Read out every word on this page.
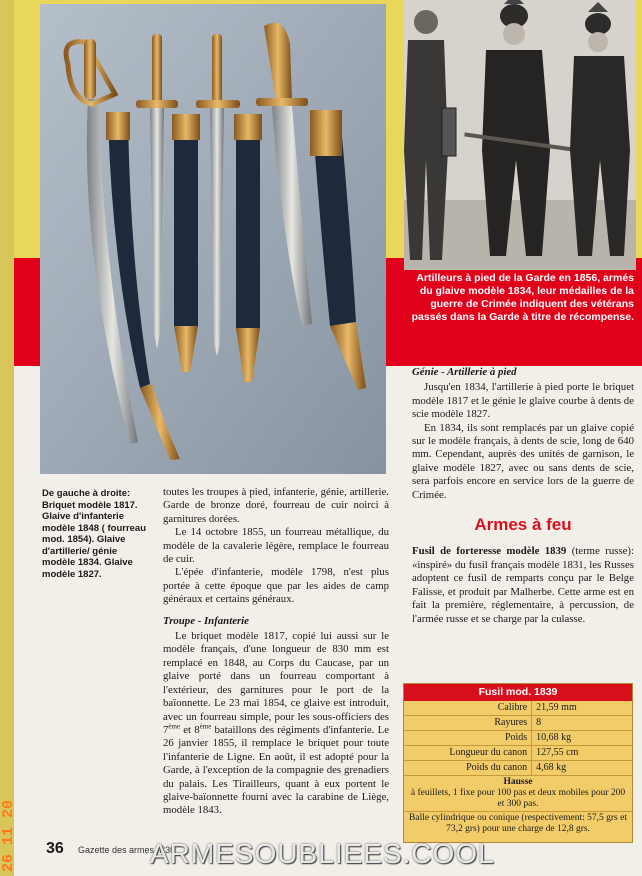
Artilleurs à pied de la Garde en 1856, armés du glaive modèle 1834, leur médailles de la guerre de Crimée indiquent des vétérans passés dans la Garde à titre de récompense.
De gauche à droite: Briquet modèle 1817. Glaive d'infanterie modèle 1848 ( fourreau mod. 1854). Glaive d'artillerie/ génie modèle 1834. Glaive modèle 1827.

toutes les troupes à pied, infanterie, génie, artillerie. Garde de bronze doré, fourreau de cuir noirci à garnitures dorées.

Le 14 octobre 1855, un fourreau métallique, du modèle de la cavalerie légère, remplace le fourreau de cuir.

L'épée d'infanterie, modèle 1798, n'est plus portée à cette époque que par les aides de camp généraux et certains généraux.

Troupe - Infanterie

Le briquet modèle 1817, copié lui aussi sur le modèle français, d'une longueur de 830 mm est remplacé en 1848, au Corps du Caucase, par un glaive porté dans un fourreau comportant à l'extérieur, des garnitures pour le port de la baïonnette. Le 23 mai 1854, ce glaive est introduit, avec un fourreau simple, pour les sous-officiers des 7ème et 8ème bataillons des régiments d'infanterie. Le 26 janvier 1855, il remplace le briquet pour toute l'infanterie de Ligne. En août, il est adopté pour la Garde, à l'exception de la compagnie des grenadiers du palais. Les Tirailleurs, quant à eux portent le glaive-baïonnette fourni avec la carabine de Liège, modèle 1843.

Génie - Artillerie à pied

Jusqu'en 1834, l'artillerie à pied porte le briquet modèle 1817 et le génie le glaive courbe à dents de scie modèle 1827.

En 1834, ils sont remplacés par un glaive copié sur le modèle français, à dents de scie, long de 640 mm. Cependant, auprès des unités de garnison, le glaive modèle 1827, avec ou sans dents de scie, sera parfois encore en service lors de la guerre de Crimée.

Armes à feu

Fusil de forteresse modèle 1839 (terme russe): «inspiré» du fusil français modèle 1831, les Russes adoptent ce fusil de remparts conçu par le Belge Falisse, et produit par Malherbe. Cette arme est en fait la première, réglementaire, à percussion, de l'armée russe et se charge par la culasse.

Fusil mod. 1839
Calibre	21,59 mm
Rayures	8
Poids	10,68 kg
Longueur du canon	127,55 cm
Poids du canon	4,68 kg
Hausse
à feuillets, 1 fixe pour 100 pas et deux mobiles pour 200 et 300 pas.
Balle cylindrique ou conique (respectivement: 57,5 grs et 73,2 grs) pour une charge de 12,8 grs.
36 Gazette des armes n°30
ARMESOUBLIEES.COOL
26 11 20
